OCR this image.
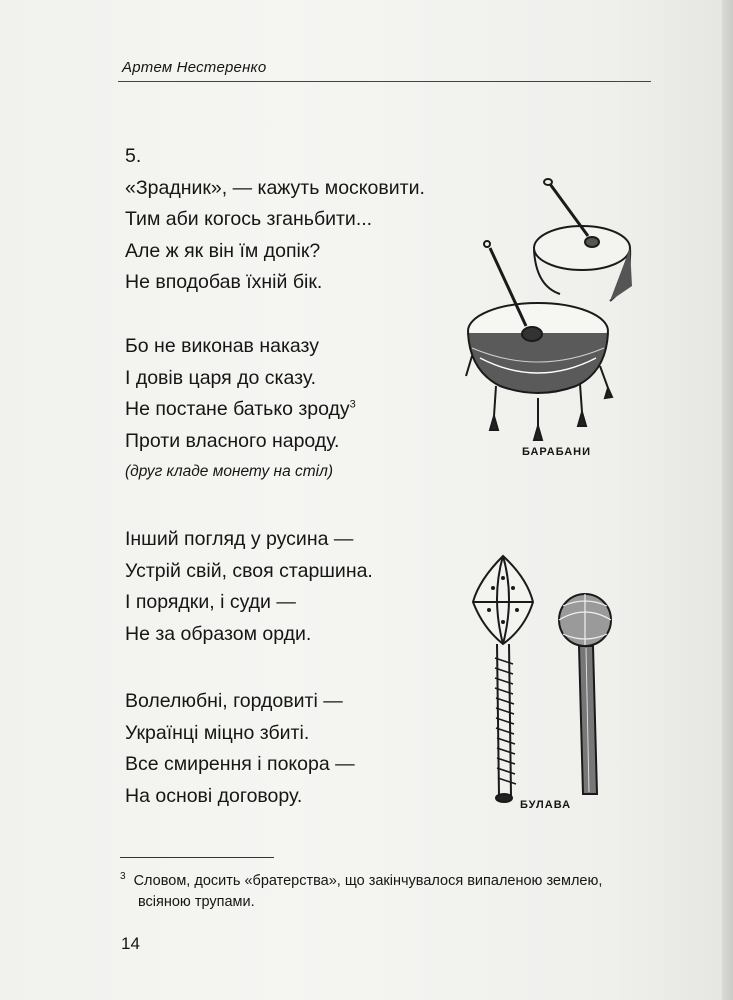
Артем Нестеренко
5.
«Зрадник», — кажуть московити.
Тим аби когось зганьбити...
Але ж як він їм допік?
Не вподобав їхній бік.
Бо не виконав наказу
І довів царя до сказу.
Не постане батько зроду$^3$
Проти власного народу.
(друг кладе монету на стіл)
Інший погляд у русина —
Устрій свій, своя старшина.
І порядки, і суди —
Не за образом орди.
Волелюбні, гордовиті —
Українці міцно збиті.
Все смирення і покора —
На основі договору.
БАРАБАНИ
БУЛАВА
$^3$ Словом, досить «братерства», що закінчувалося випаленою землею,
всіяною трупами.
14
